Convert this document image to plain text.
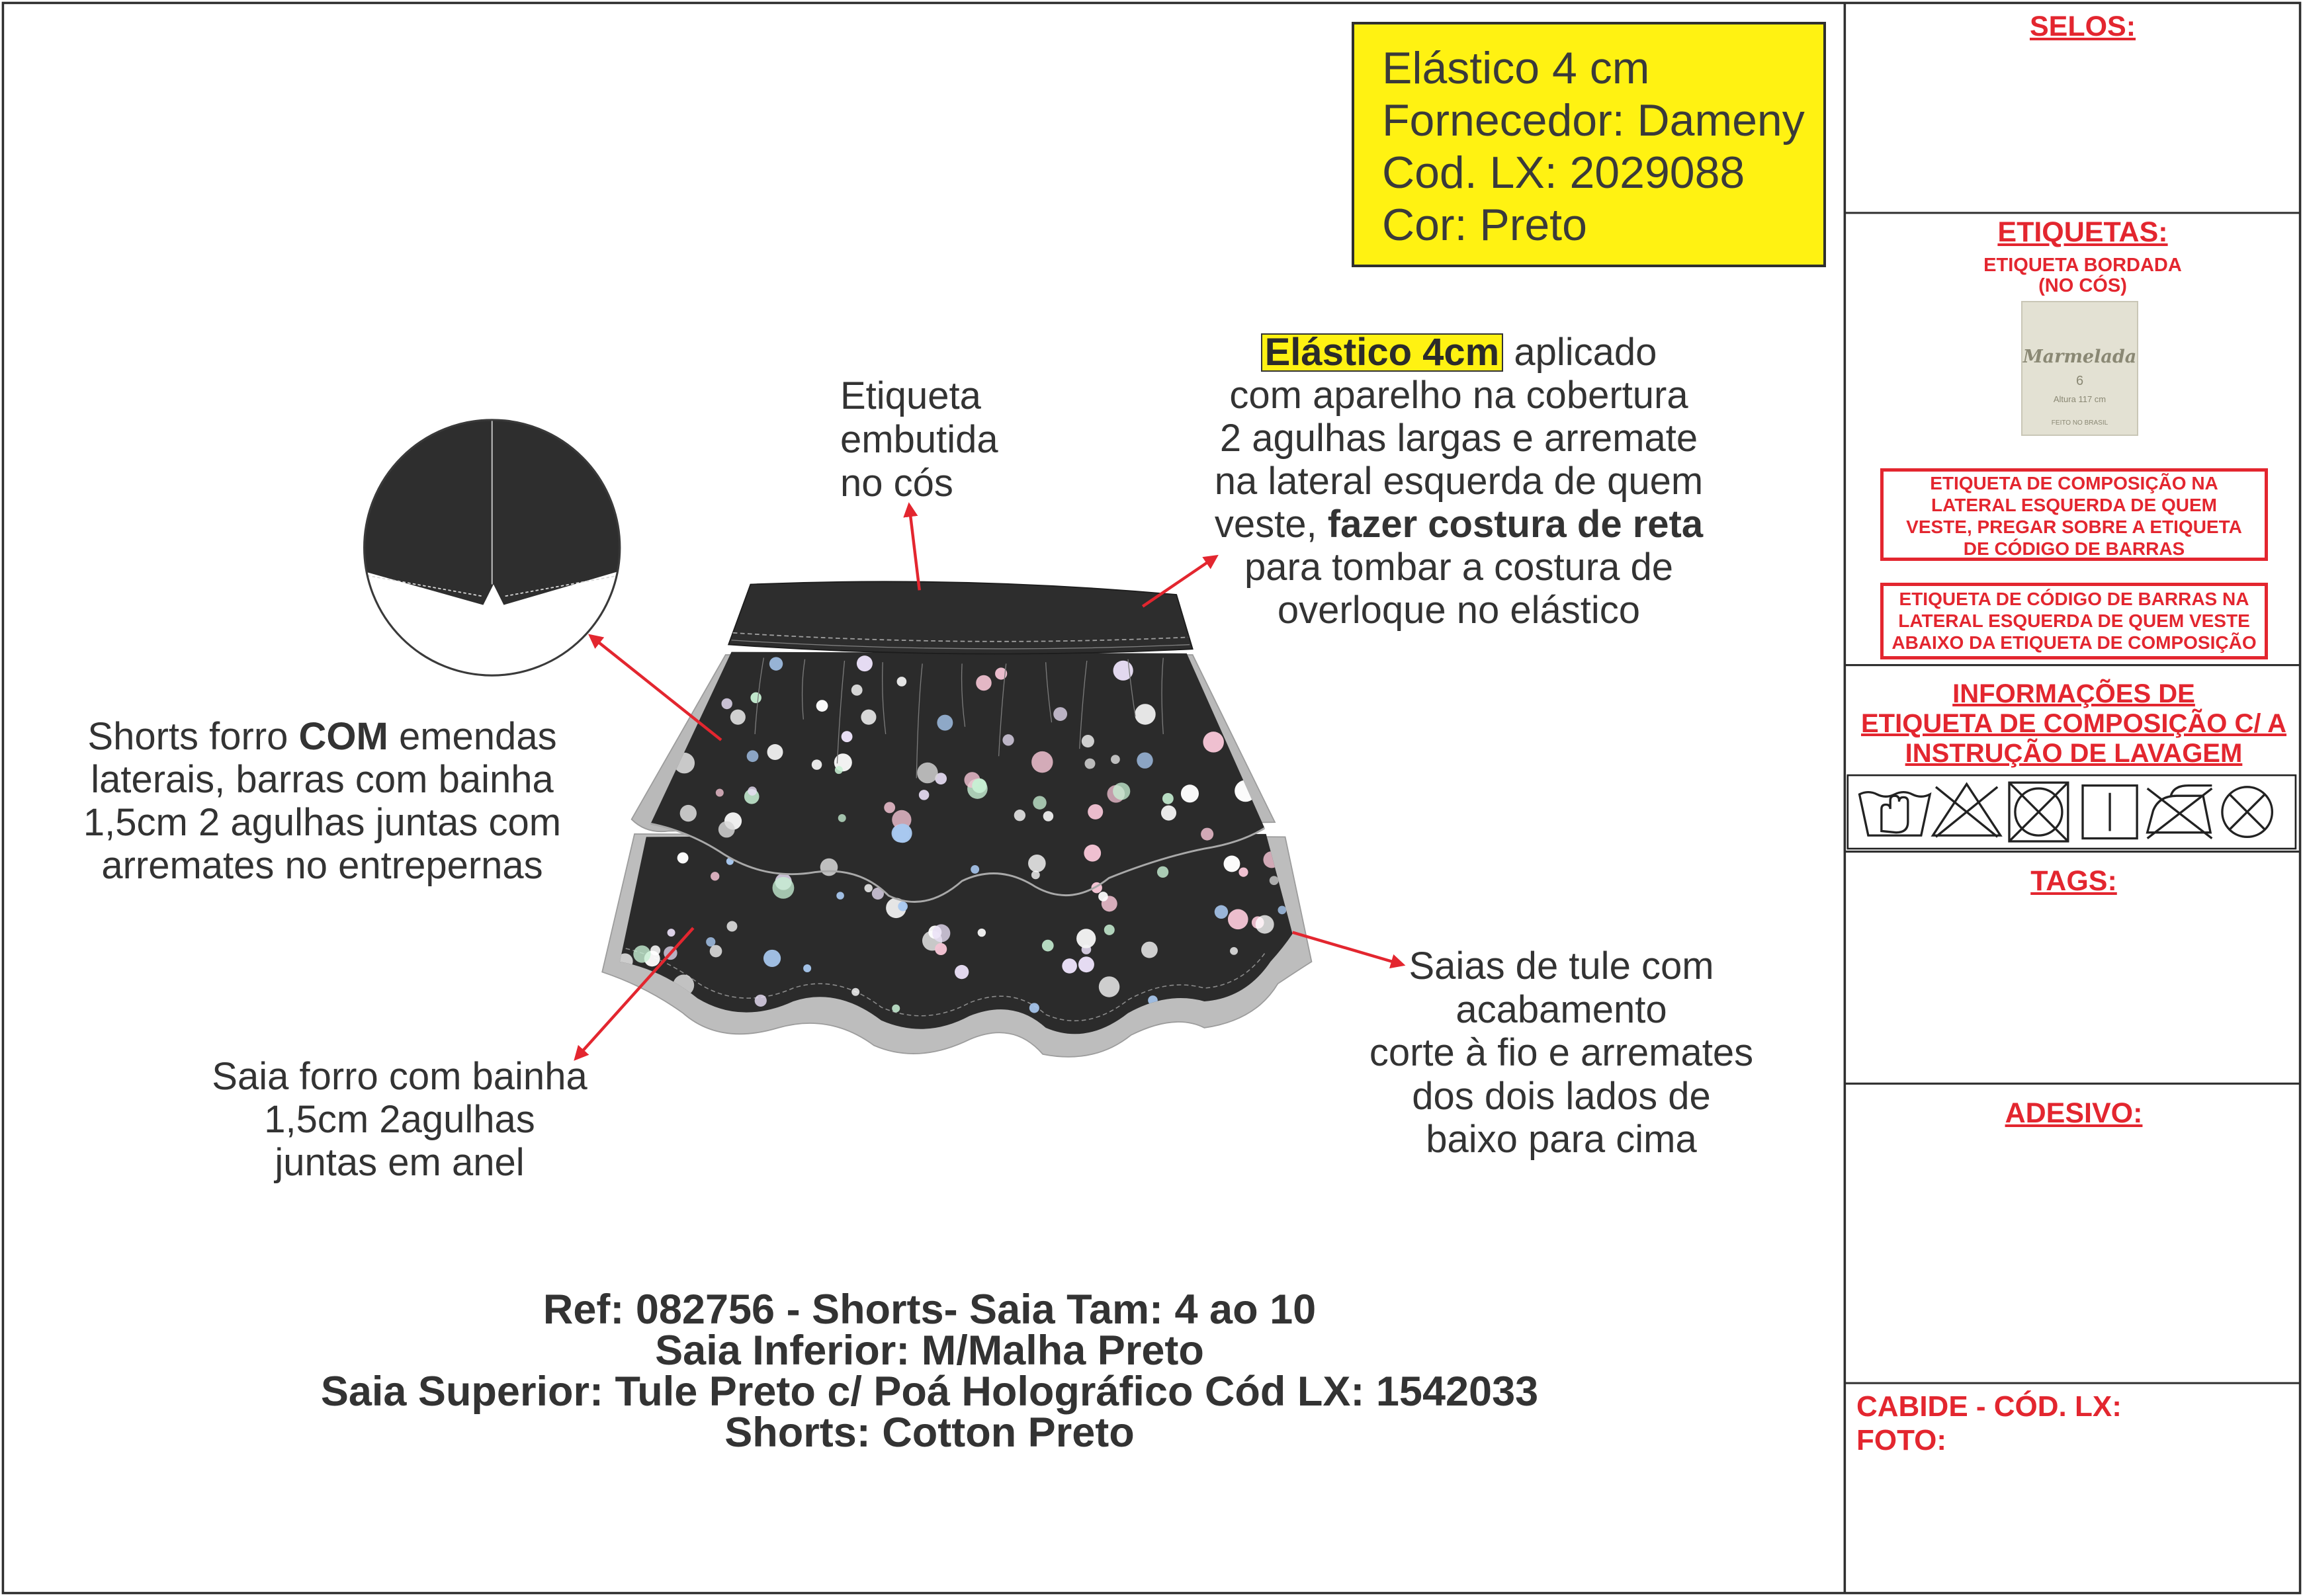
Elástico 4 cm
Fornecedor: Dameny
Cod. LX: 2029088
Cor: Preto
Etiqueta
embutida
no cós
Elástico 4cm aplicado
com aparelho na cobertura
2 agulhas largas e arremate
na lateral esquerda de quem
veste, fazer costura de reta
para tombar a costura de
overloque no elástico
Shorts forro COM emendas
laterais, barras com bainha
1,5cm 2 agulhas juntas com
arremates no entrepernas
Saia forro com bainha
1,5cm 2agulhas
juntas em anel
Saias de tule com
acabamento
corte à fio e arremates
dos dois lados de
baixo para cima
Ref: 082756 - Shorts- Saia Tam: 4 ao 10
Saia Inferior: M/Malha Preto
Saia Superior: Tule Preto c/ Poá Holográfico Cód LX: 1542033
Shorts: Cotton Preto
SELOS:
ETIQUETAS:
ETIQUETA BORDADA
(NO CÓS)
Marmelada
6
Altura 117 cm
FEITO NO BRASIL
ETIQUETA DE COMPOSIÇÃO NA
LATERAL ESQUERDA DE QUEM
VESTE, PREGAR SOBRE A ETIQUETA
DE CÓDIGO DE BARRAS
ETIQUETA DE CÓDIGO DE BARRAS NA
LATERAL ESQUERDA DE QUEM VESTE
ABAIXO DA ETIQUETA DE COMPOSIÇÃO
INFORMAÇÕES DE
ETIQUETA DE COMPOSIÇÃO C/ A
INSTRUÇÃO DE LAVAGEM
TAGS:
ADESIVO:
CABIDE - CÓD. LX:
FOTO:
